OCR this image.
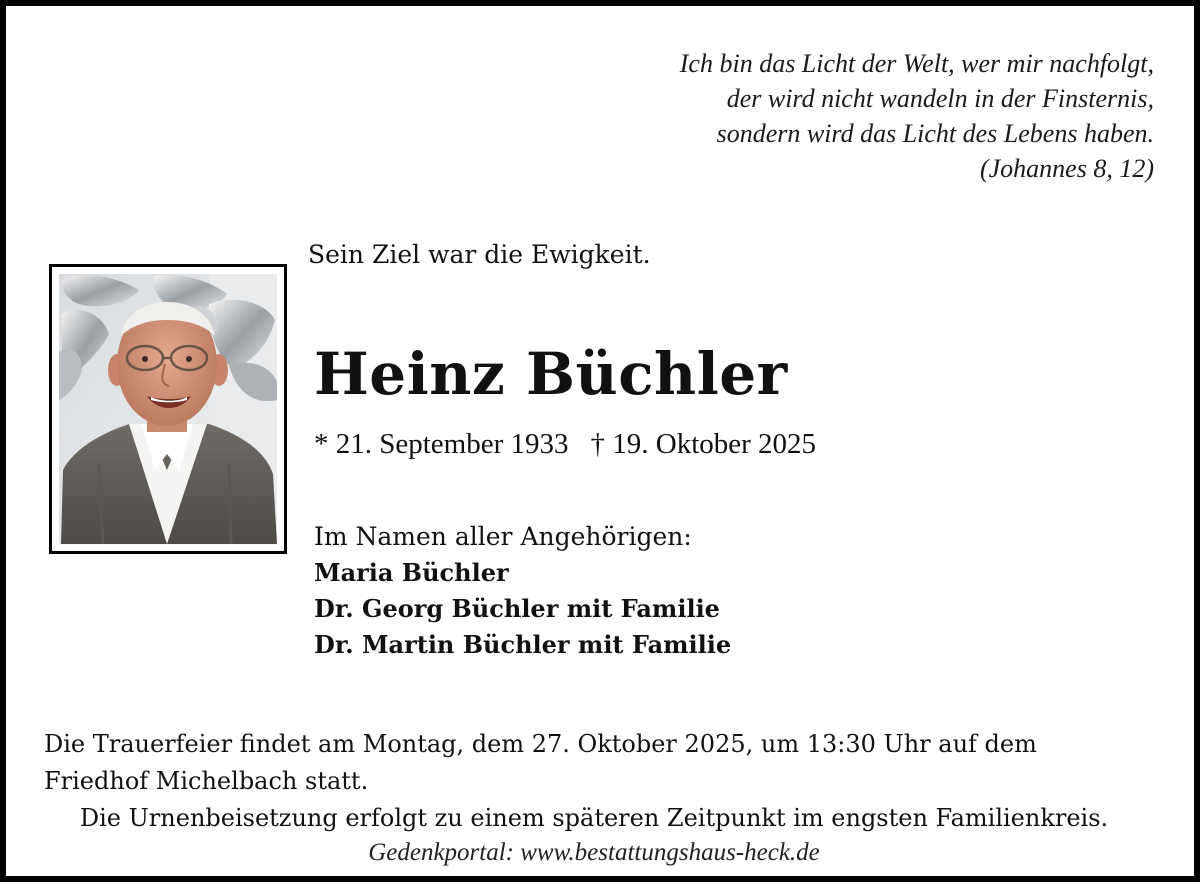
Ich bin das Licht der Welt, wer mir nachfolgt,
der wird nicht wandeln in der Finsternis,
sondern wird das Licht des Lebens haben.
(Johannes 8, 12)
Sein Ziel war die Ewigkeit.
Heinz Büchler
* 21. September 1933 † 19. Oktober 2025
Im Namen aller Angehörigen:
Maria Büchler
Dr. Georg Büchler mit Familie
Dr. Martin Büchler mit Familie
Die Trauerfeier findet am Montag, dem 27. Oktober 2025, um 13:30 Uhr auf dem
Friedhof Michelbach statt.
Die Urnenbeisetzung erfolgt zu einem späteren Zeitpunkt im engsten Familienkreis.
Gedenkportal: www.bestattungshaus-heck.de
